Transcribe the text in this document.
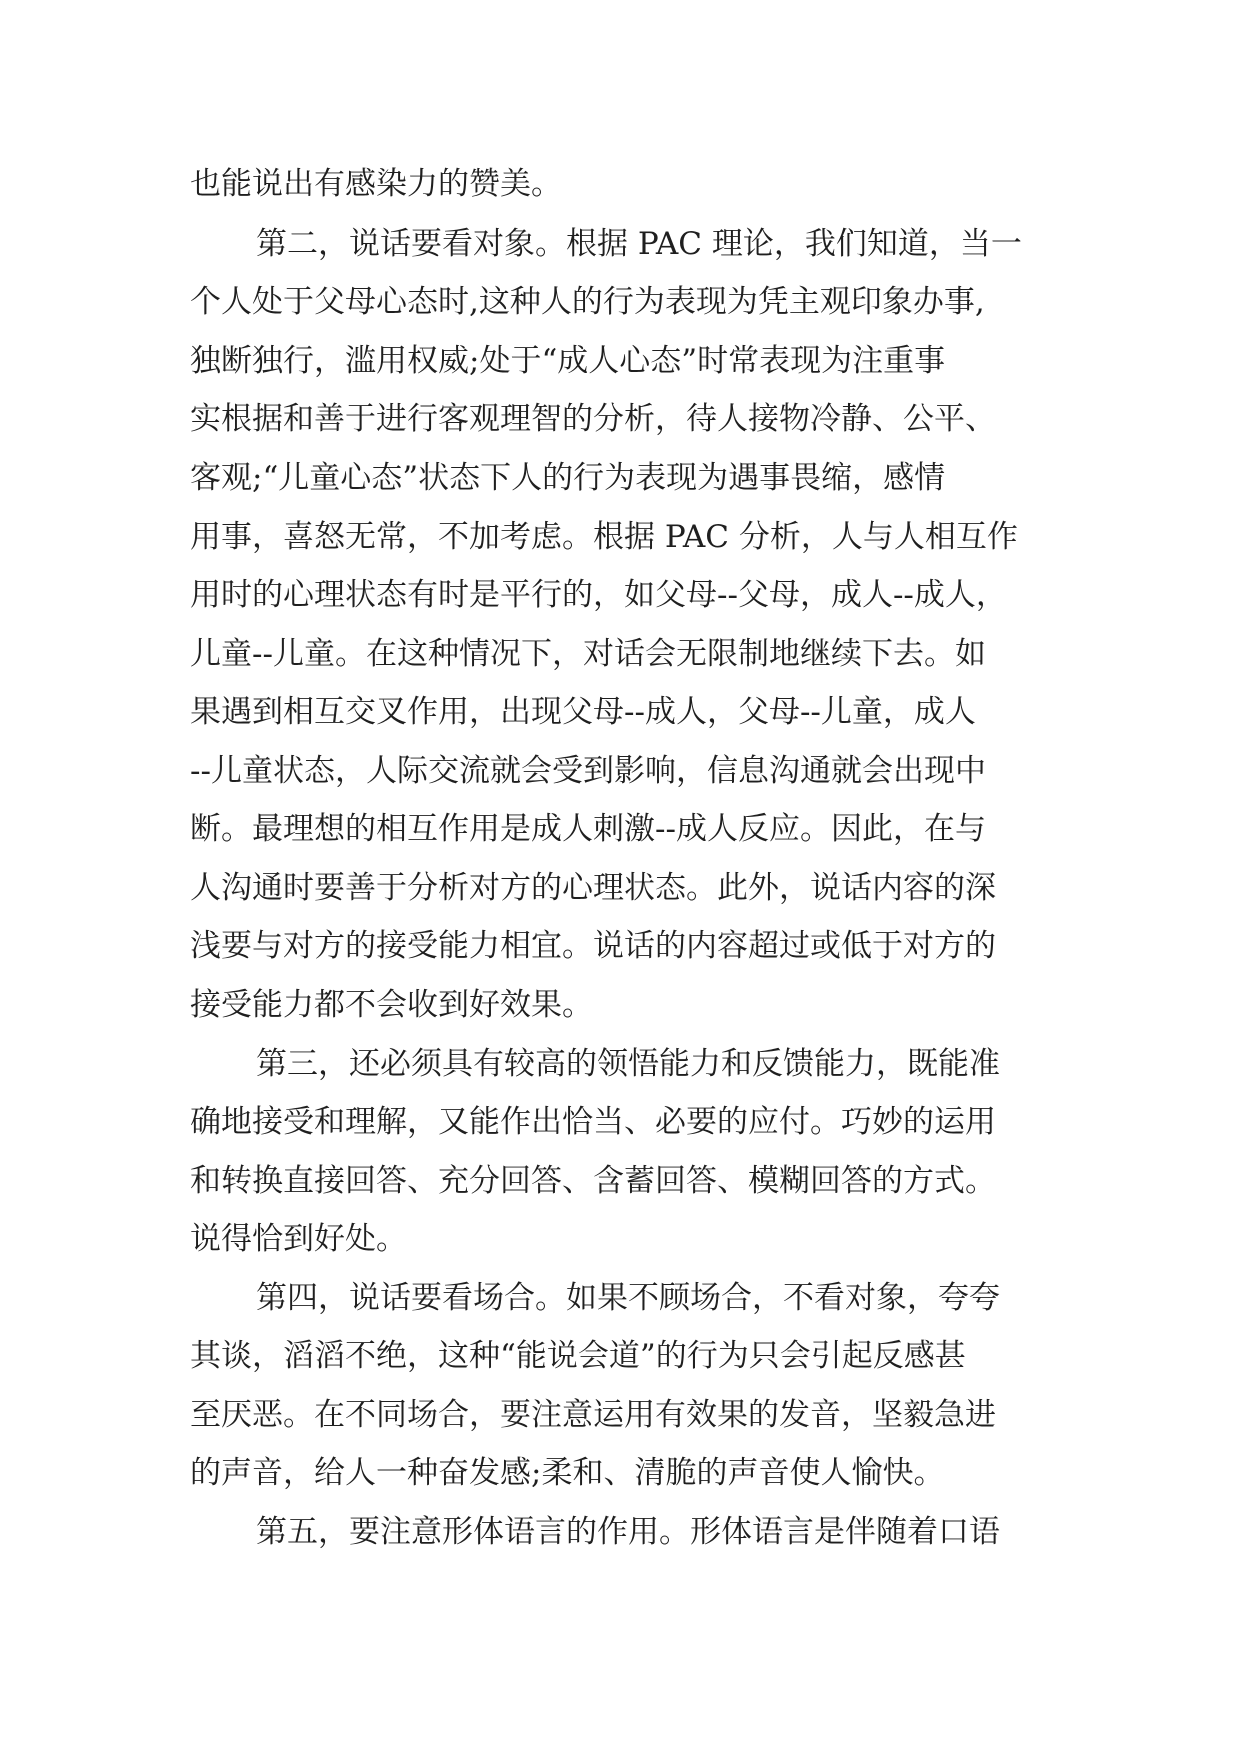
也能说出有感染力的赞美。
第二，说话要看对象。根据 PAC 理论，我们知道，当一
个人处于父母心态时,这种人的行为表现为凭主观印象办事,
独断独行，滥用权威;处于“成人心态”时常表现为注重事
实根据和善于进行客观理智的分析，待人接物冷静、公平、
客观;“儿童心态”状态下人的行为表现为遇事畏缩，感情
用事，喜怒无常，不加考虑。根据 PAC 分析，人与人相互作
用时的心理状态有时是平行的，如父母--父母，成人--成人，
儿童--儿童。在这种情况下，对话会无限制地继续下去。如
果遇到相互交叉作用，出现父母--成人，父母--儿童，成人
--儿童状态，人际交流就会受到影响，信息沟通就会出现中
断。最理想的相互作用是成人刺激--成人反应。因此，在与
人沟通时要善于分析对方的心理状态。此外，说话内容的深
浅要与对方的接受能力相宜。说话的内容超过或低于对方的
接受能力都不会收到好效果。
第三，还必须具有较高的领悟能力和反馈能力，既能准
确地接受和理解，又能作出恰当、必要的应付。巧妙的运用
和转换直接回答、充分回答、含蓄回答、模糊回答的方式。
说得恰到好处。
第四，说话要看场合。如果不顾场合，不看对象，夸夸
其谈，滔滔不绝，这种“能说会道”的行为只会引起反感甚
至厌恶。在不同场合，要注意运用有效果的发音，坚毅急进
的声音，给人一种奋发感;柔和、清脆的声音使人愉快。
第五，要注意形体语言的作用。形体语言是伴随着口语
